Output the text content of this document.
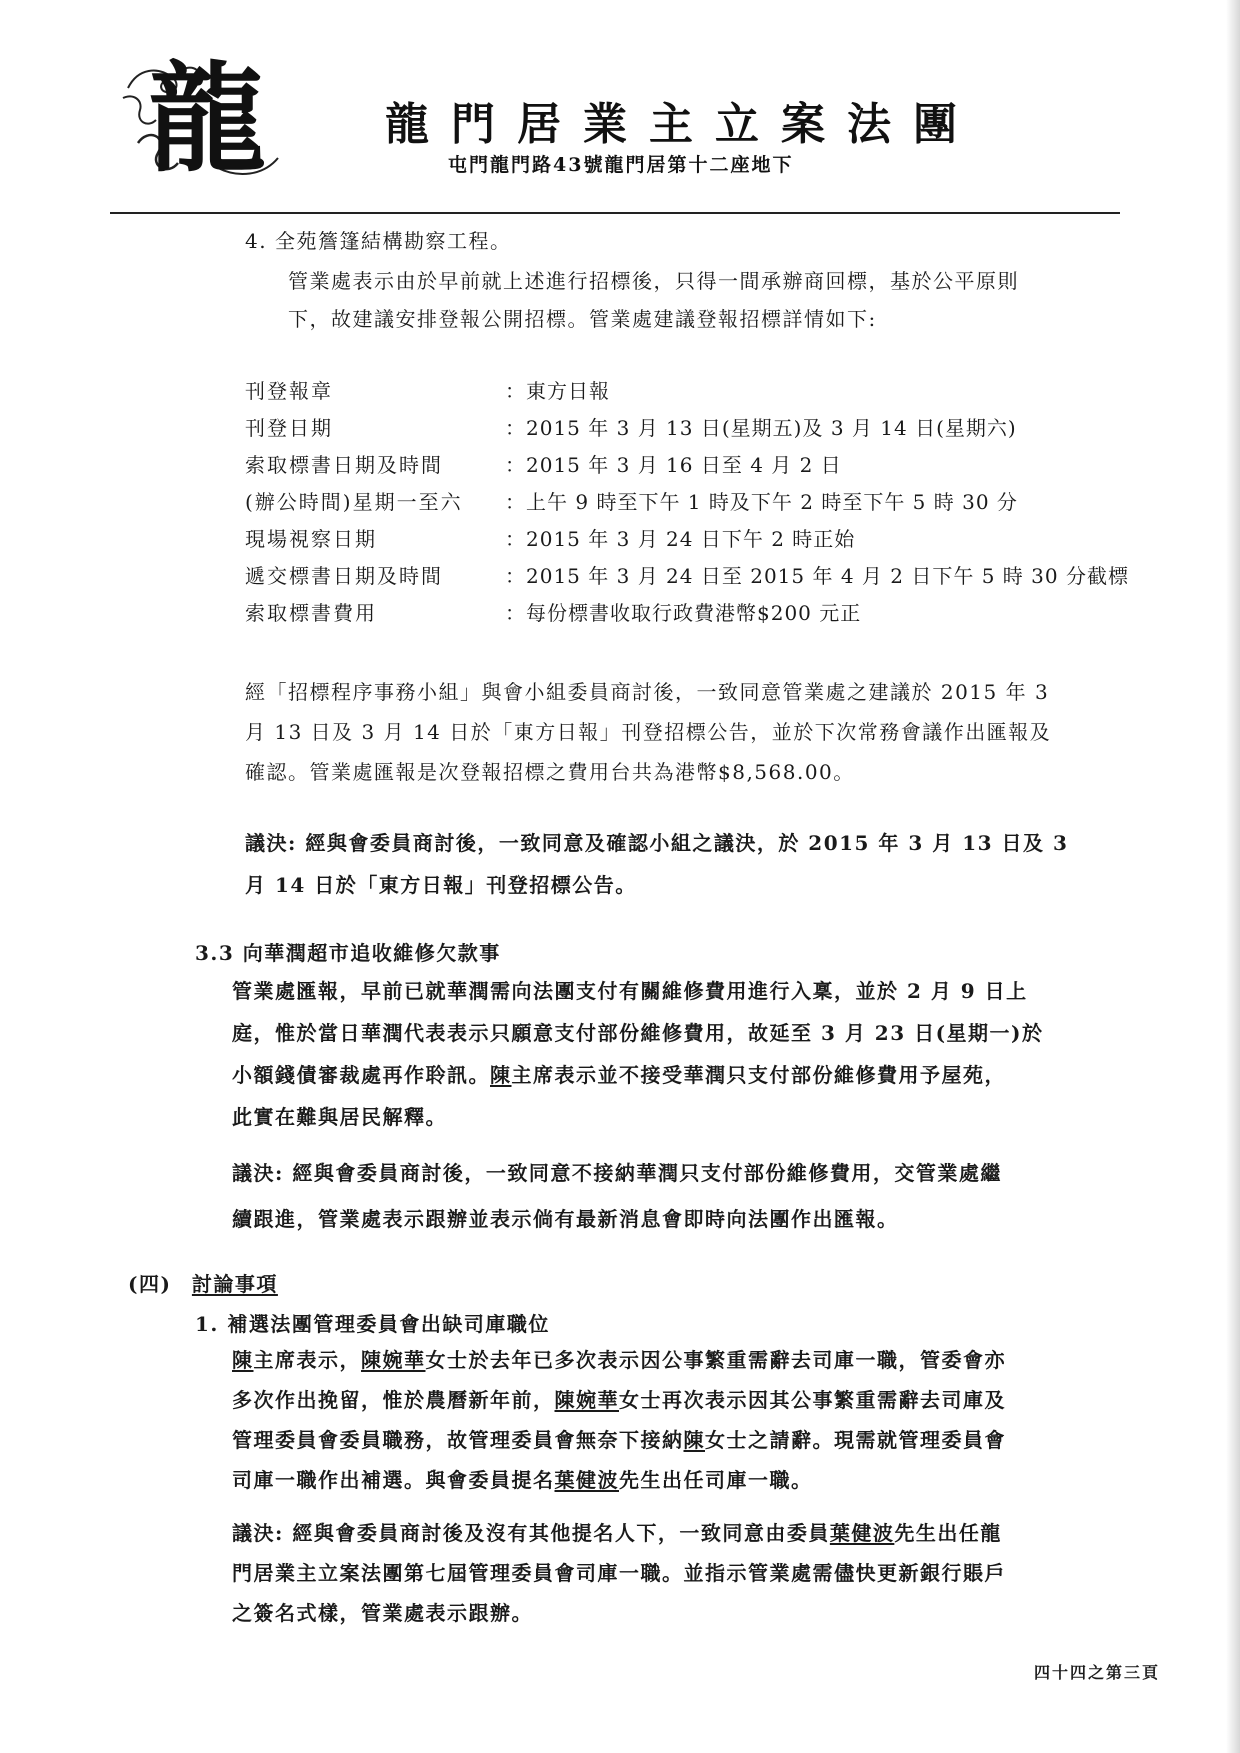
龍	龍門居業主立案法團
屯門龍門路43號龍門居第十二座地下
4. 全苑簷篷結構勘察工程。
管業處表示由於早前就上述進行招標後，只得一間承辦商回標，基於公平原則
下，故建議安排登報公開招標。管業處建議登報招標詳情如下:
刊登報章	：東方日報
刊登日期	：2015 年 3 月 13 日(星期五)及 3 月 14 日(星期六)
索取標書日期及時間	：2015 年 3 月 16 日至 4 月 2 日
(辦公時間)星期一至六 ：上午 9 時至下午 1 時及下午 2 時至下午 5 時 30 分
現場視察日期	：2015 年 3 月 24 日下午 2 時正始
遞交標書日期及時間	：2015 年 3 月 24 日至 2015 年 4 月 2 日下午 5 時 30 分截標
索取標書費用	：每份標書收取行政費港幣$200 元正
經「招標程序事務小組」與會小組委員商討後，一致同意管業處之建議於 2015 年 3
月 13 日及 3 月 14 日於「東方日報」刊登招標公告，並於下次常務會議作出匯報及
確認。管業處匯報是次登報招標之費用台共為港幣$8,568.00。
議決: 經與會委員商討後，一致同意及確認小組之議決，於 2015 年 3 月 13 日及 3
月 14 日於「東方日報」刊登招標公告。
3.3 向華潤超市追收維修欠款事
管業處匯報，早前已就華潤需向法團支付有關維修費用進行入稟，並於 2 月 9 日上
庭，惟於當日華潤代表表示只願意支付部份維修費用，故延至 3 月 23 日(星期一)於
小額錢債審裁處再作聆訊。陳主席表示並不接受華潤只支付部份維修費用予屋苑，
此實在難與居民解釋。
議決: 經與會委員商討後，一致同意不接納華潤只支付部份維修費用，交管業處繼
續跟進，管業處表示跟辦並表示倘有最新消息會即時向法團作出匯報。
(四) 討論事項
1. 補選法團管理委員會出缺司庫職位
陳主席表示，陳婉華女士於去年已多次表示因公事繁重需辭去司庫一職，管委會亦
多次作出挽留，惟於農曆新年前，陳婉華女士再次表示因其公事繁重需辭去司庫及
管理委員會委員職務，故管理委員會無奈下接納陳女士之請辭。現需就管理委員會
司庫一職作出補選。與會委員提名葉健波先生出任司庫一職。
議決: 經與會委員商討後及沒有其他提名人下，一致同意由委員葉健波先生出任龍
門居業主立案法團第七屆管理委員會司庫一職。並指示管業處需儘快更新銀行賬戶
之簽名式樣，管業處表示跟辦。
四十四之第三頁
